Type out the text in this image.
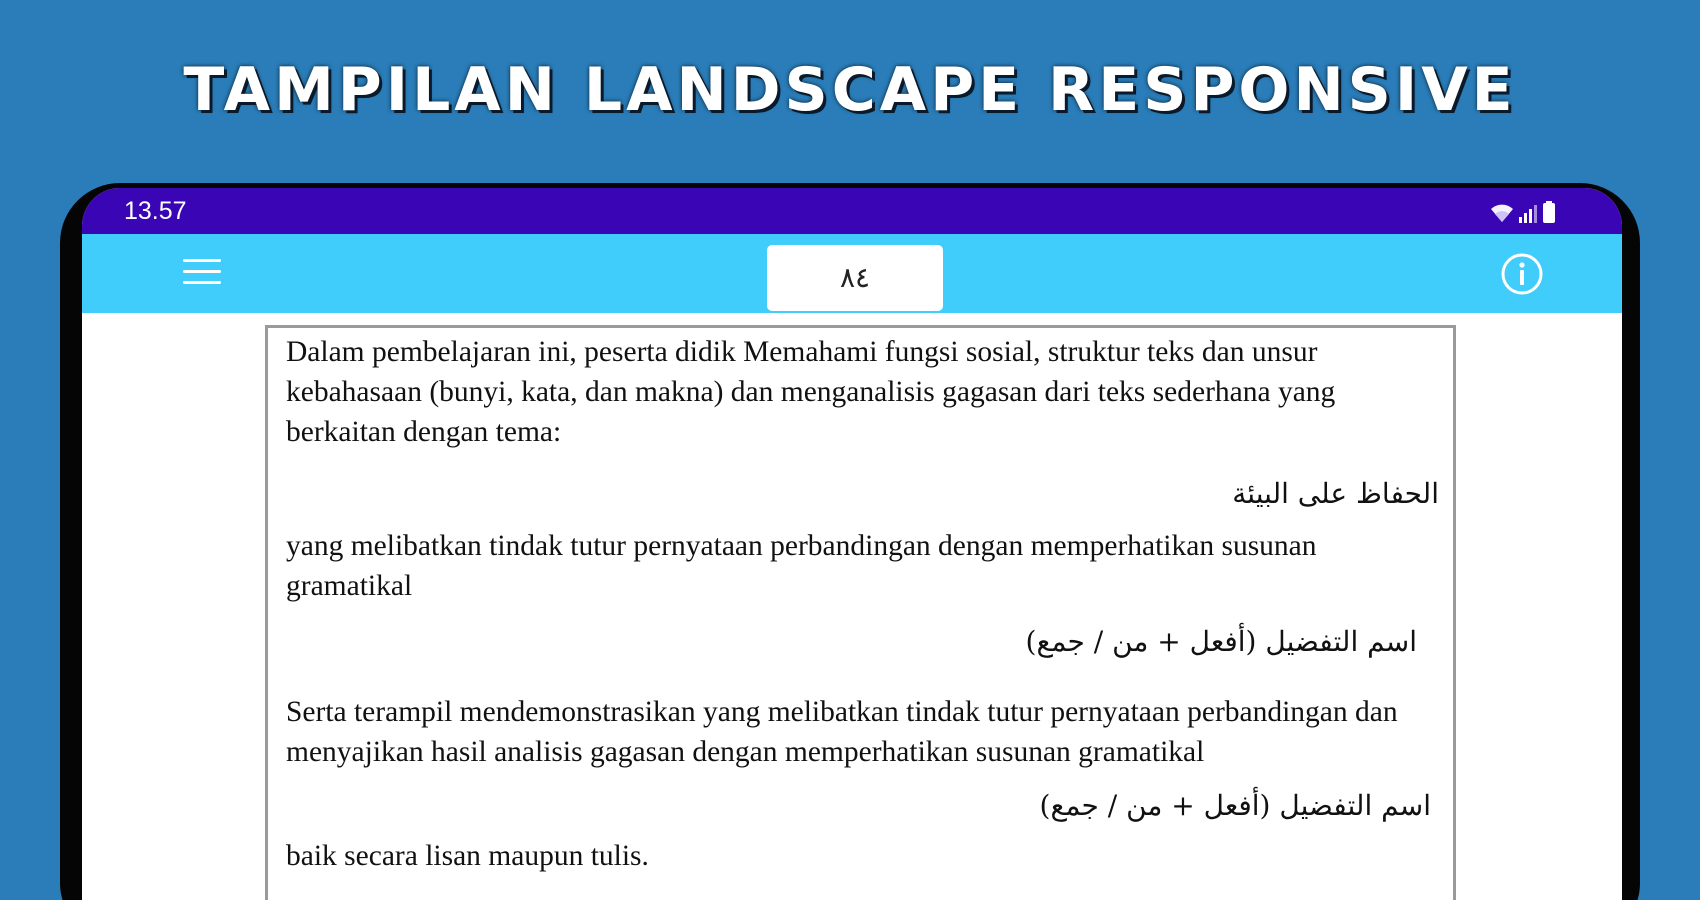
TAMPILAN LANDSCAPE RESPONSIVE
13.57
٨٤

Dalam pembelajaran ini, peserta didik Memahami fungsi sosial, struktur teks dan unsur kebahasaan (bunyi, kata, dan makna) dan menganalisis gagasan dari teks sederhana yang berkaitan dengan tema:

الحفاظ على البيئة

yang melibatkan tindak tutur pernyataan perbandingan dengan memperhatikan susunan gramatikal

اسم التفضيل (أفعل + من / جمع)

Serta terampil mendemonstrasikan yang melibatkan tindak tutur pernyataan perbandingan dan menyajikan hasil analisis gagasan dengan memperhatikan susunan gramatikal

اسم التفضيل (أفعل + من / جمع)

baik secara lisan maupun tulis.
